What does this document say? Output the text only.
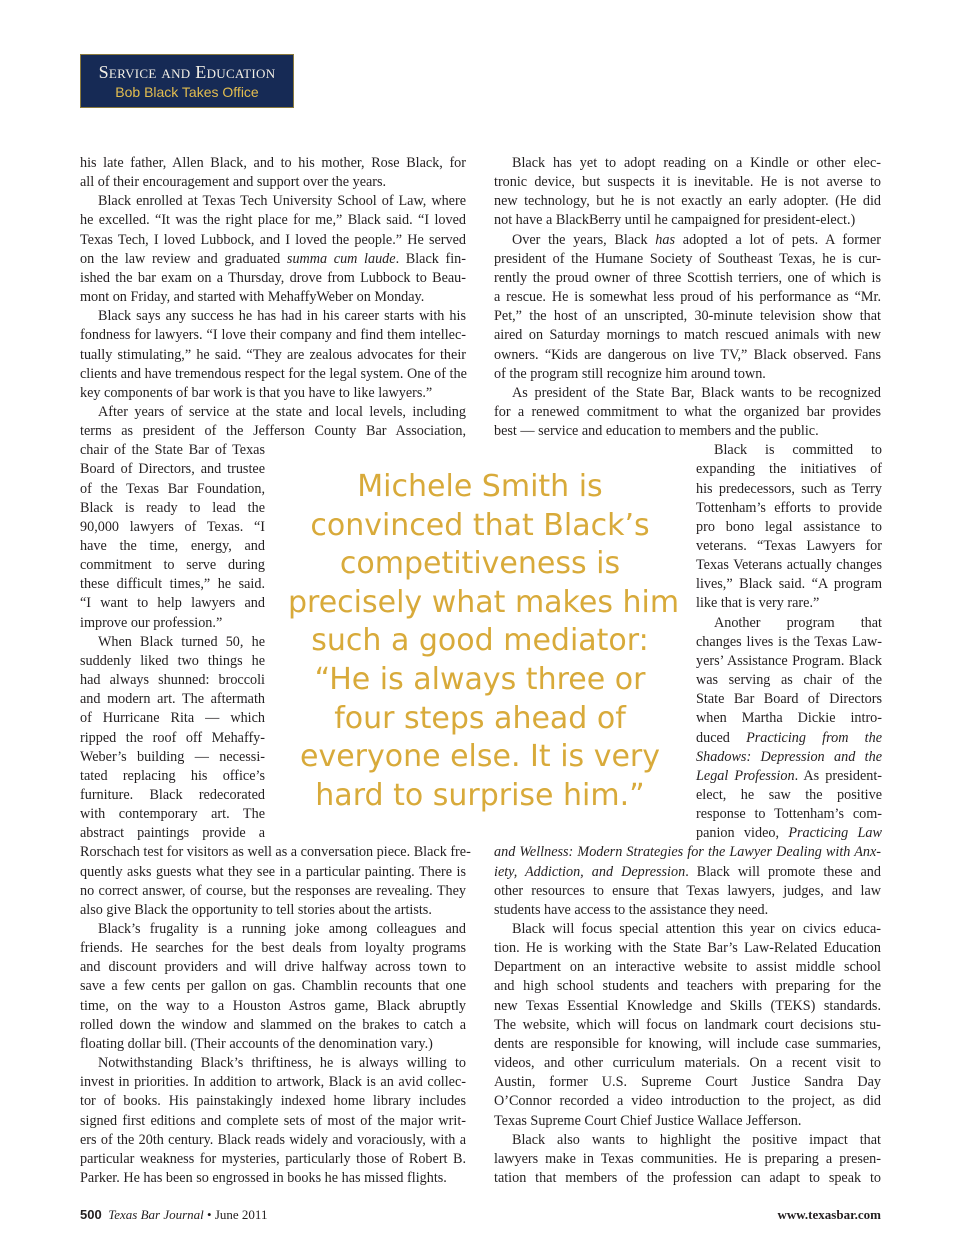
Service and Education
Bob Black Takes Office
his late father, Allen Black, and to his mother, Rose Black, for
all of their encouragement and support over the years.
Black enrolled at Texas Tech University School of Law, where
he excelled. “It was the right place for me,” Black said. “I loved
Texas Tech, I loved Lubbock, and I loved the people.” He served
on the law review and graduated summa cum laude. Black fin-
ished the bar exam on a Thursday, drove from Lubbock to Beau-
mont on Friday, and started with MehaffyWeber on Monday.
Black says any success he has had in his career starts with his
fondness for lawyers. “I love their company and find them intellec-
tually stimulating,” he said. “They are zealous advocates for their
clients and have tremendous respect for the legal system. One of the
key components of bar work is that you have to like lawyers.”
After years of service at the state and local levels, including
terms as president of the Jefferson County Bar Association,
chair of the State Bar of Texas
Board of Directors, and trustee
of the Texas Bar Foundation,
Black is ready to lead the
90,000 lawyers of Texas. “I
have the time, energy, and
commitment to serve during
these difficult times,” he said.
“I want to help lawyers and
improve our profession.”
When Black turned 50, he
suddenly liked two things he
had always shunned: broccoli
and modern art. The aftermath
of Hurricane Rita — which
ripped the roof off Mehaffy-
Weber’s building — necessi-
tated replacing his office’s
furniture. Black redecorated
with contemporary art. The
abstract paintings provide a
Rorschach test for visitors as well as a conversation piece. Black fre-
quently asks guests what they see in a particular painting. There is
no correct answer, of course, but the responses are revealing. They
also give Black the opportunity to tell stories about the artists.
Black’s frugality is a running joke among colleagues and
friends. He searches for the best deals from loyalty programs
and discount providers and will drive halfway across town to
save a few cents per gallon on gas. Chamblin recounts that one
time, on the way to a Houston Astros game, Black abruptly
rolled down the window and slammed on the brakes to catch a
floating dollar bill. (Their accounts of the denomination vary.)
Notwithstanding Black’s thriftiness, he is always willing to
invest in priorities. In addition to artwork, Black is an avid collec-
tor of books. His painstakingly indexed home library includes
signed first editions and complete sets of most of the major writ-
ers of the 20th century. Black reads widely and voraciously, with a
particular weakness for mysteries, particularly those of Robert B.
Parker. He has been so engrossed in books he has missed flights.
Black has yet to adopt reading on a Kindle or other elec-
tronic device, but suspects it is inevitable. He is not averse to
new technology, but he is not exactly an early adopter. (He did
not have a BlackBerry until he campaigned for president-elect.)
Over the years, Black has adopted a lot of pets. A former
president of the Humane Society of Southeast Texas, he is cur-
rently the proud owner of three Scottish terriers, one of which is
a rescue. He is somewhat less proud of his performance as “Mr.
Pet,” the host of an unscripted, 30-minute television show that
aired on Saturday mornings to match rescued animals with new
owners. “Kids are dangerous on live TV,” Black observed. Fans
of the program still recognize him around town.
As president of the State Bar, Black wants to be recognized
for a renewed commitment to what the organized bar provides
best — service and education to members and the public.
Black is committed to
expanding the initiatives of
his predecessors, such as Terry
Tottenham’s efforts to provide
pro bono legal assistance to
veterans. “Texas Lawyers for
Texas Veterans actually changes
lives,” Black said. “A program
like that is very rare.”
Another program that
changes lives is the Texas Law-
yers’ Assistance Program. Black
was serving as chair of the
State Bar Board of Directors
when Martha Dickie intro-
duced Practicing from the
Shadows: Depression and the
Legal Profession. As president-
elect, he saw the positive
response to Tottenham’s com-
panion video, Practicing Law
and Wellness: Modern Strategies for the Lawyer Dealing with Anx-
iety, Addiction, and Depression. Black will promote these and
other resources to ensure that Texas lawyers, judges, and law
students have access to the assistance they need.
Black will focus special attention this year on civics educa-
tion. He is working with the State Bar’s Law-Related Education
Department on an interactive website to assist middle school
and high school students and teachers with preparing for the
new Texas Essential Knowledge and Skills (TEKS) standards.
The website, which will focus on landmark court decisions stu-
dents are responsible for knowing, will include case summaries,
videos, and other curriculum materials. On a recent visit to
Austin, former U.S. Supreme Court Justice Sandra Day
O’Connor recorded a video introduction to the project, as did
Texas Supreme Court Chief Justice Wallace Jefferson.
Black also wants to highlight the positive impact that
lawyers make in Texas communities. He is preparing a presen-
tation that members of the profession can adapt to speak to
Michele Smith is
convinced that Black’s
competitiveness is
precisely what makes him
such a good mediator:
“He is always three or
four steps ahead of
everyone else. It is very
hard to surprise him.”
500 Texas Bar Journal • June 2011	www.texasbar.com
